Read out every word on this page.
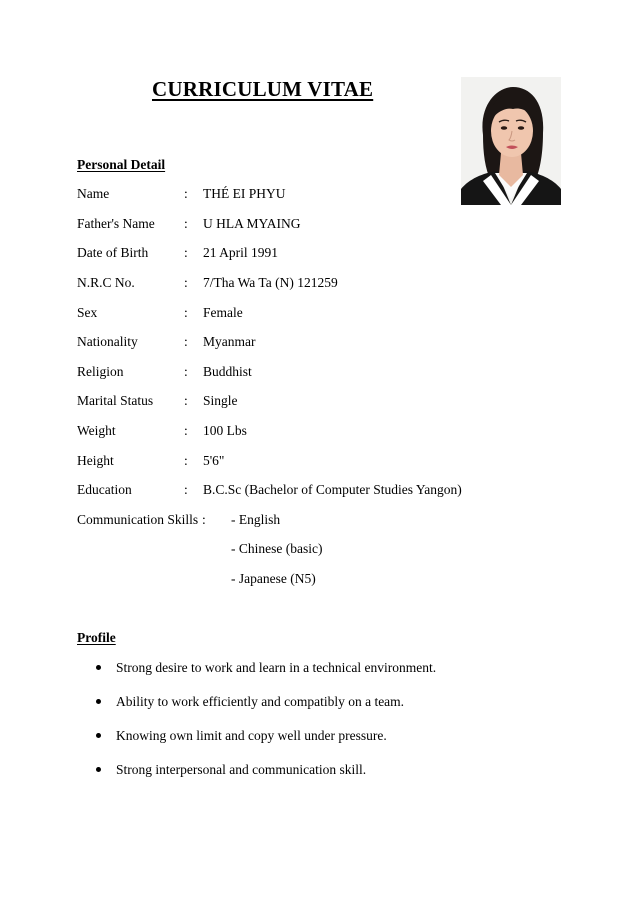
CURRICULUM VITAE
Personal Detail
Name	: THÉ EI PHYU
Father's Name : U HLA MYAING
Date of Birth	: 21 April 1991
N.R.C No.	: 7/Tha Wa Ta (N) 121259
Sex	: Female
Nationality	: Myanmar
Religion	: Buddhist
Marital Status : Single
Weight	: 100 Lbs
Height	: 5'6"
Education	: B.C.Sc (Bachelor of Computer Studies Yangon)
Communication Skills : - English
- Chinese (basic)
- Japanese (N5)
Profile
Strong desire to work and learn in a technical environment.
Ability to work efficiently and compatibly on a team.
Knowing own limit and copy well under pressure.
Strong interpersonal and communication skill.
